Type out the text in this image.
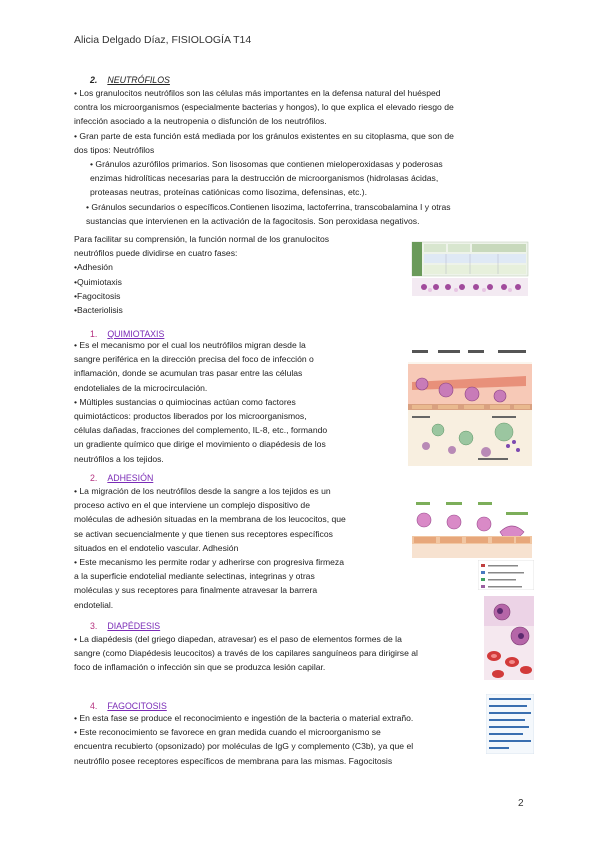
Alicia Delgado Díaz, FISIOLOGÍA T14
2. NEUTRÓFILOS

• Los granulocitos neutrófilos son las células más importantes en la defensa natural del huésped

contra los microorganismos (especialmente bacterias y hongos), lo que explica el elevado riesgo de

infección asociado a la neutropenia o disfunción de los neutrófilos.

• Gran parte de esta función está mediada por los gránulos existentes en su citoplasma, que son de

dos tipos: Neutrófilos

• Gránulos azurófilos primarios. Son lisosomas que contienen mieloperoxidasas y poderosas

enzimas hidrolíticas necesarias para la destrucción de microorganismos (hidrolasas ácidas,

proteasas neutras, proteínas catiónicas como lisozima, defensinas, etc.).

• Gránulos secundarios o específicos.Contienen lisozima, lactoferrina, transcobalamina I y otras

sustancias que intervienen en la activación de la fagocitosis. Son peroxidasa negativos.

Para facilitar su comprensión, la función normal de los granulocitos

neutrófilos puede dividirse en cuatro fases:

•Adhesión

•Quimiotaxis

•Fagocitosis

•Bacteriolisis

1. QUIMIOTAXIS

• Es el mecanismo por el cual los neutrófilos migran desde la

sangre periférica en la dirección precisa del foco de infección o

inflamación, donde se acumulan tras pasar entre las células

endoteliales de la microcirculación.

• Múltiples sustancias o quimiocinas actúan como factores

quimiotácticos: productos liberados por los microorganismos,

células dañadas, fracciones del complemento, IL-8, etc., formando

un gradiente químico que dirige el movimiento o diapédesis de los

neutrófilos a los tejidos.

2. ADHESIÓN

• La migración de los neutrófilos desde la sangre a los tejidos es un

proceso activo en el que interviene un complejo dispositivo de

moléculas de adhesión situadas en la membrana de los leucocitos, que

se activan secuencialmente y que tienen sus receptores específicos

situados en el endotelio vascular. Adhesión

• Este mecanismo les permite rodar y adherirse con progresiva firmeza

a la superficie endotelial mediante selectinas, integrinas y otras

moléculas y sus receptores para finalmente atravesar la barrera

endotelial.

3. DIAPÉDESIS

• La diapédesis (del griego diapedan, atravesar) es el paso de elementos formes de la

sangre (como Diapédesis leucocitos) a través de los capilares sanguíneos para dirigirse al

foco de inflamación o infección sin que se produzca lesión capilar.

4. FAGOCITOSIS

• En esta fase se produce el reconocimiento e ingestión de la bacteria o material extraño.

• Este reconocimiento se favorece en gran medida cuando el microorganismo se

encuentra recubierto (opsonizado) por moléculas de IgG y complemento (C3b), ya que el

neutrófilo posee receptores específicos de membrana para las mismas. Fagocitosis

2
